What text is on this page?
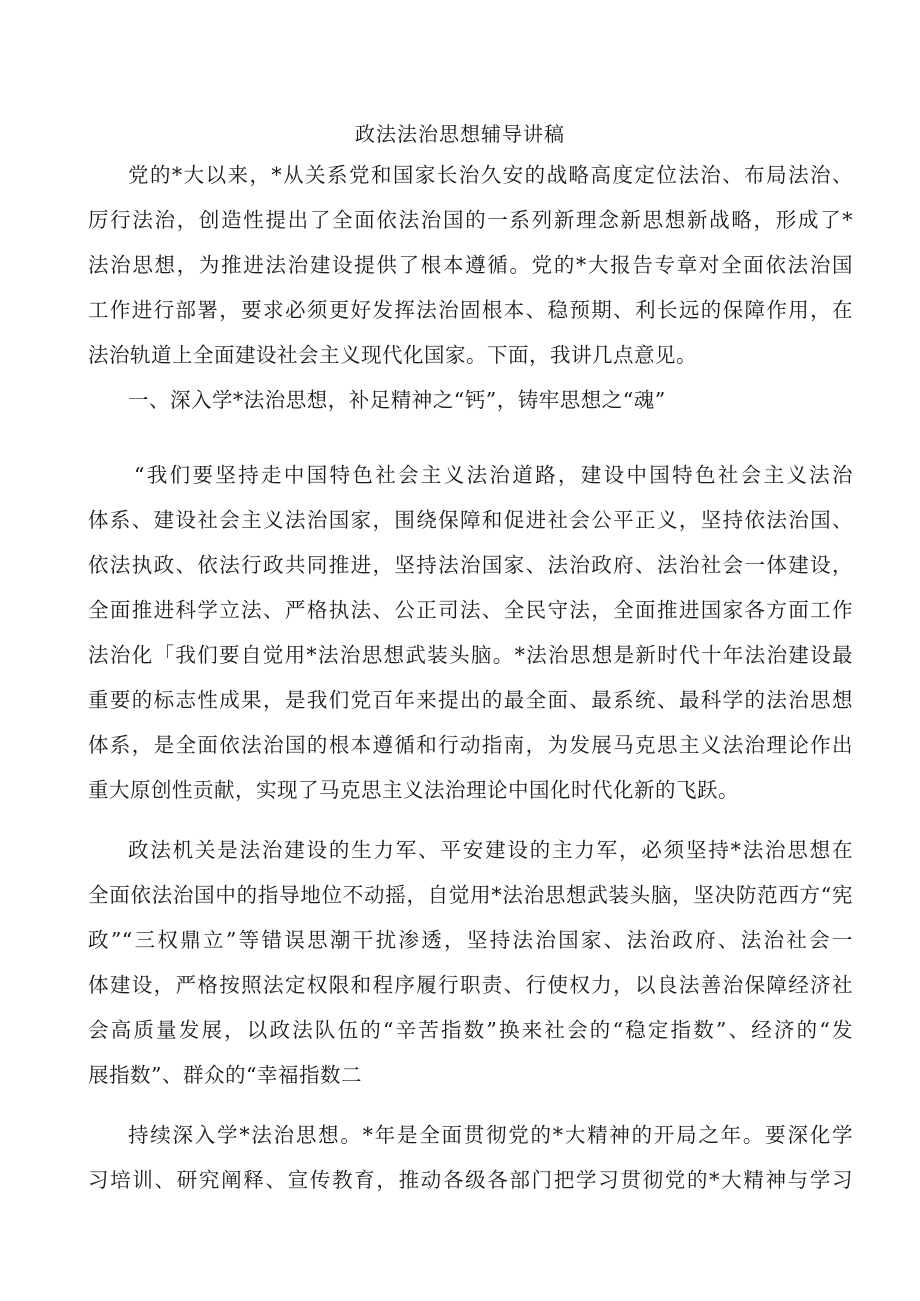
政法法治思想辅导讲稿
党的*大以来，*从关系党和国家长治久安的战略高度定位法治、布局法治、
厉行法治，创造性提出了全面依法治国的一系列新理念新思想新战略，形成了*
法治思想，为推进法治建设提供了根本遵循。党的*大报告专章对全面依法治国
工作进行部署，要求必须更好发挥法治固根本、稳预期、利长远的保障作用，在
法治轨道上全面建设社会主义现代化国家。下面，我讲几点意见。
一、深入学*法治思想，补足精神之“钙”，铸牢思想之“魂”
“我们要坚持走中国特色社会主义法治道路，建设中国特色社会主义法治
体系、建设社会主义法治国家，围绕保障和促进社会公平正义，坚持依法治国、
依法执政、依法行政共同推进，坚持法治国家、法治政府、法治社会一体建设，
全面推进科学立法、严格执法、公正司法、全民守法，全面推进国家各方面工作
法治化「我们要自觉用*法治思想武装头脑。*法治思想是新时代十年法治建设最
重要的标志性成果，是我们党百年来提出的最全面、最系统、最科学的法治思想
体系，是全面依法治国的根本遵循和行动指南，为发展马克思主义法治理论作出
重大原创性贡献，实现了马克思主义法治理论中国化时代化新的飞跃。
政法机关是法治建设的生力军、平安建设的主力军，必须坚持*法治思想在
全面依法治国中的指导地位不动摇，自觉用*法治思想武装头脑，坚决防范西方“宪
政”“三权鼎立”等错误思潮干扰渗透，坚持法治国家、法治政府、法治社会一
体建设，严格按照法定权限和程序履行职责、行使权力，以良法善治保障经济社
会高质量发展，以政法队伍的“辛苦指数”换来社会的“稳定指数”、经济的“发
展指数”、群众的“幸福指数二
持续深入学*法治思想。*年是全面贯彻党的*大精神的开局之年。要深化学
习培训、研究阐释、宣传教育，推动各级各部门把学习贯彻党的*大精神与学习
